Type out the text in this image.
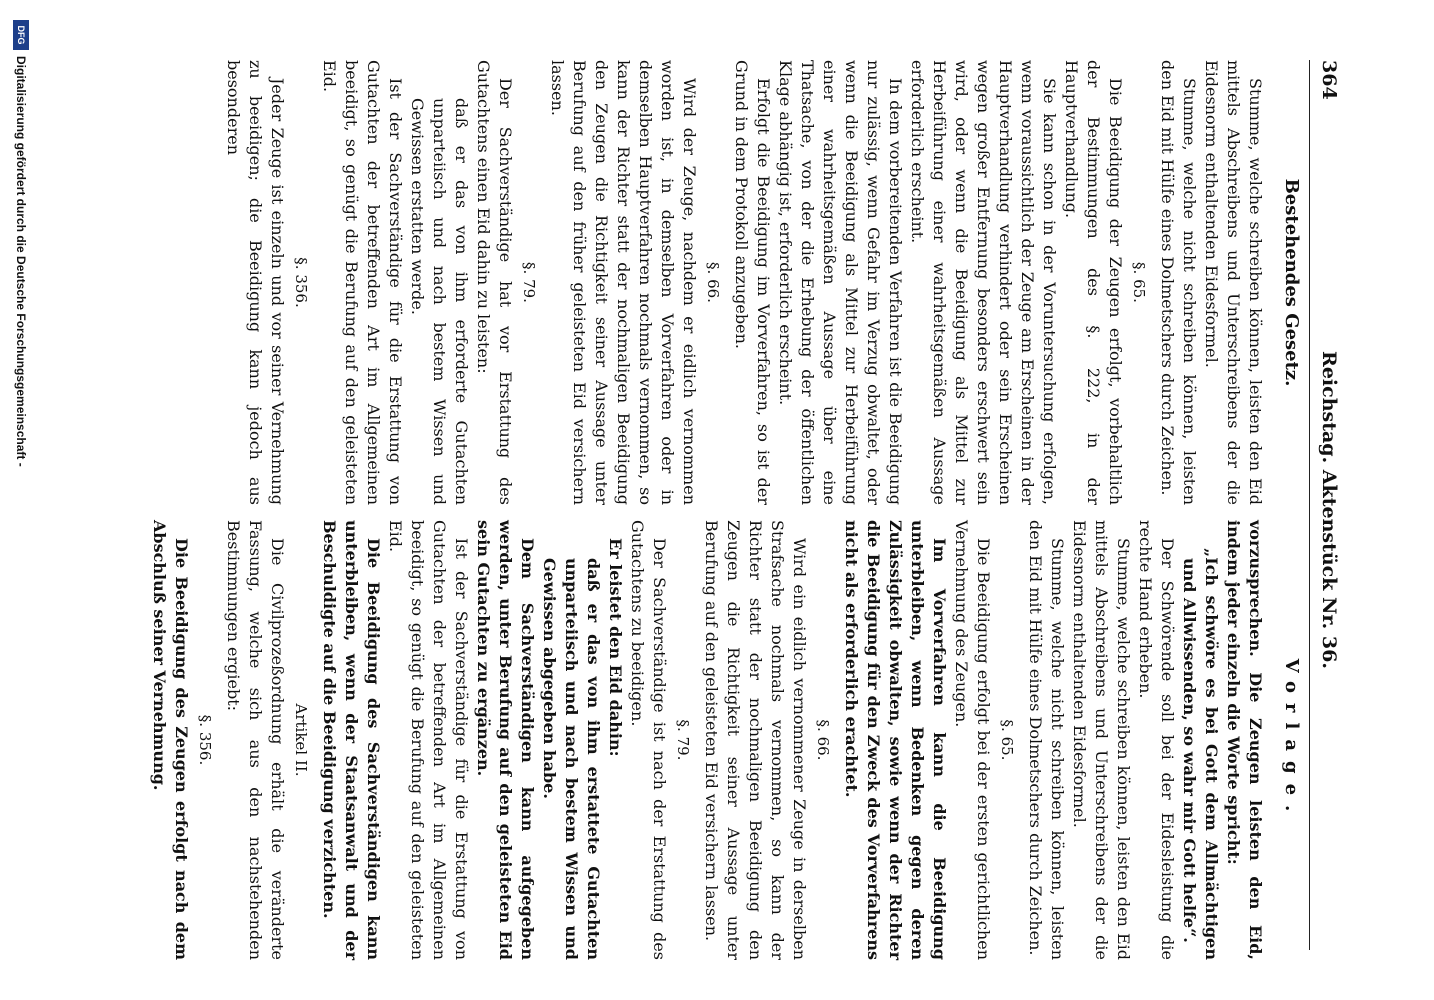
364
Reichstag. Aktenstück Nr. 36.
Bestehendes Gesetz.
Stumme, welche schreiben können, leisten den Eid mittels Abschreibens und Unterschreibens der die Eidesnorm enthaltenden Eidesformel.
Stumme, welche nicht schreiben können, leisten den Eid mit Hülfe eines Dolmetschers durch Zeichen.
§. 65.
Die Beeidigung der Zeugen erfolgt, vorbehaltlich der Bestimmungen des §. 222, in der Hauptverhandlung.
Sie kann schon in der Voruntersuchung erfolgen, wenn voraussichtlich der Zeuge am Erscheinen in der Hauptverhandlung verhindert oder sein Erscheinen wegen großer Entfernung besonders erschwert sein wird, oder wenn die Beeidigung als Mittel zur Herbeiführung einer wahrheitsgemäßen Aussage erforderlich erscheint.
In dem vorbereitenden Verfahren ist die Beeidigung nur zulässig, wenn Gefahr im Verzug obwaltet, oder wenn die Beeidigung als Mittel zur Herbeiführung einer wahrheitsgemäßen Aussage über eine Thatsache, von der die Erhebung der öffentlichen Klage abhängig ist, erforderlich erscheint.
Erfolgt die Beeidigung im Vorverfahren, so ist der Grund in dem Protokoll anzugeben.
§. 66.
Wird der Zeuge, nachdem er eidlich vernommen worden ist, in demselben Vorverfahren oder in demselben Hauptverfahren nochmals vernommen, so kann der Richter statt der nochmaligen Beeidigung den Zeugen die Richtigkeit seiner Aussage unter Berufung auf den früher geleisteten Eid versichern lassen.
§. 79.
Der Sachverständige hat vor Erstattung des Gutachtens einen Eid dahin zu leisten:
daß er das von ihm erforderte Gutachten unparteiisch und nach bestem Wissen und Gewissen erstatten werde.
Ist der Sachverständige für die Erstattung von Gutachten der betreffenden Art im Allgemeinen beeidigt, so genügt die Berufung auf den geleisteten Eid.
§. 356.
Jeder Zeuge ist einzeln und vor seiner Vernehmung zu beeidigen; die Beeidigung kann jedoch aus besonderen
Vorlage.
vorzusprechen. Die Zeugen leisten den Eid, indem jeder einzeln die Worte spricht:
„Ich schwöre es bei Gott dem Allmächtigen und Allwissenden, so wahr mir Gott helfe“.
Der Schwörende soll bei der Eidesleistung die rechte Hand erheben.
Stumme, welche schreiben können, leisten den Eid mittels Abschreibens und Unterschreibens der die Eidesnorm enthaltenden Eidesformel.
Stumme, welche nicht schreiben können, leisten den Eid mit Hülfe eines Dolmetschers durch Zeichen.
§. 65.
Die Beeidigung erfolgt bei der ersten gerichtlichen Vernehmung des Zeugen.
Im Vorverfahren kann die Beeidigung unterbleiben, wenn Bedenken gegen deren Zulässigkeit obwalten, sowie wenn der Richter die Beeidigung für den Zweck des Vorverfahrens nicht als erforderlich erachtet.
§. 66.
Wird ein eidlich vernommener Zeuge in derselben Strafsache nochmals vernommen, so kann der Richter statt der nochmaligen Beeidigung den Zeugen die Richtigkeit seiner Aussage unter Berufung auf den geleisteten Eid versichern lassen.
§. 79.
Der Sachverständige ist nach der Erstattung des Gutachtens zu beeidigen.
Er leistet den Eid dahin:
daß er das von ihm erstattete Gutachten unparteiisch und nach bestem Wissen und Gewissen abgegeben habe.
Dem Sachverständigen kann aufgegeben werden, unter Berufung auf den geleisteten Eid sein Gutachten zu ergänzen.
Ist der Sachverständige für die Erstattung von Gutachten der betreffenden Art im Allgemeinen beeidigt, so genügt die Berufung auf den geleisteten Eid.
Die Beeidigung des Sachverständigen kann unterbleiben, wenn der Staatsanwalt und der Beschuldigte auf die Beeidigung verzichten.
Artikel II.
Die Civilprozeßordnung erhält die veränderte Fassung, welche sich aus den nachstehenden Bestimmungen ergiebt:
§. 356.
Die Beeidigung des Zeugen erfolgt nach dem Abschluß seiner Vernehmung.
DFG
Digitalisierung gefördert durch die Deutsche Forschungsgemeinschaft -
